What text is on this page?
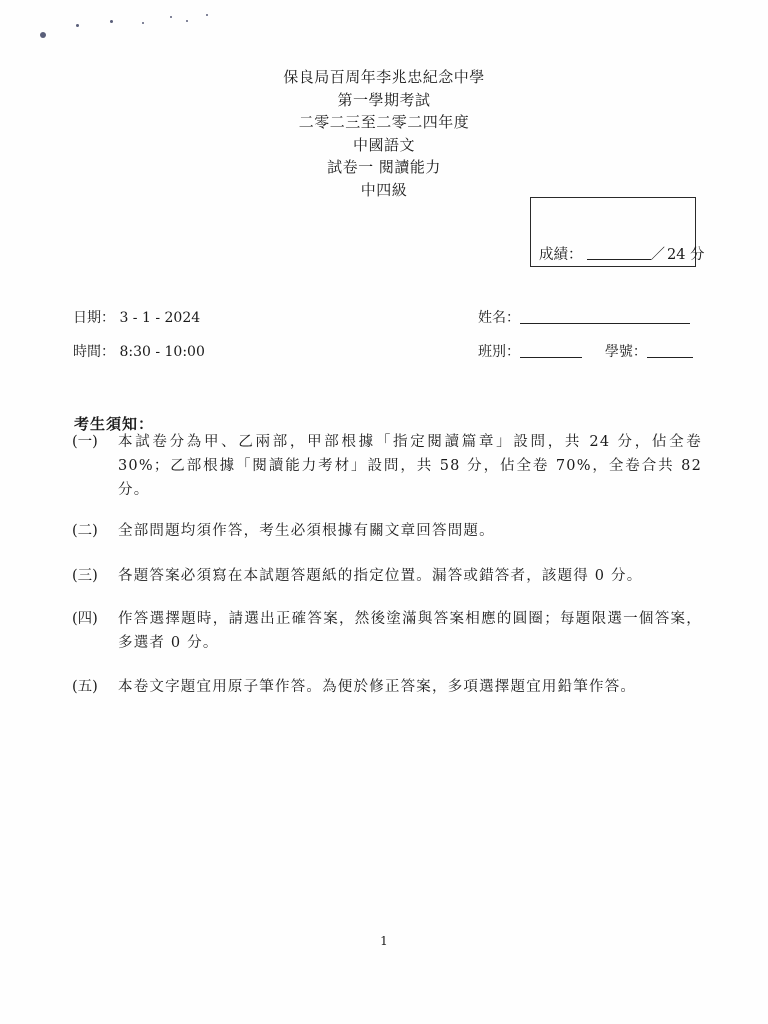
保良局百周年李兆忠紀念中學
第一學期考試
二零二三至二零二四年度
中國語文
試卷一 閱讀能力
中四級
成績：	／ 24 分
日期： 3 - 1 - 2024
時間： 8:30 - 10:00
姓名：
班別：	學號：
考生須知：
(一) 本試卷分為甲、乙兩部，甲部根據「指定閱讀篇章」設問，共 24 分，佔全卷 30%；乙部根據「閱讀能力考材」設問，共 58 分，佔全卷 70%，全卷合共 82 分。
(二) 全部問題均須作答，考生必須根據有關文章回答問題。
(三) 各題答案必須寫在本試題答題紙的指定位置。漏答或錯答者，該題得 0 分。
(四) 作答選擇題時，請選出正確答案，然後塗滿與答案相應的圓圈；每題限選一個答案，多選者 0 分。
(五) 本卷文字題宜用原子筆作答。為便於修正答案，多項選擇題宜用鉛筆作答。
1
